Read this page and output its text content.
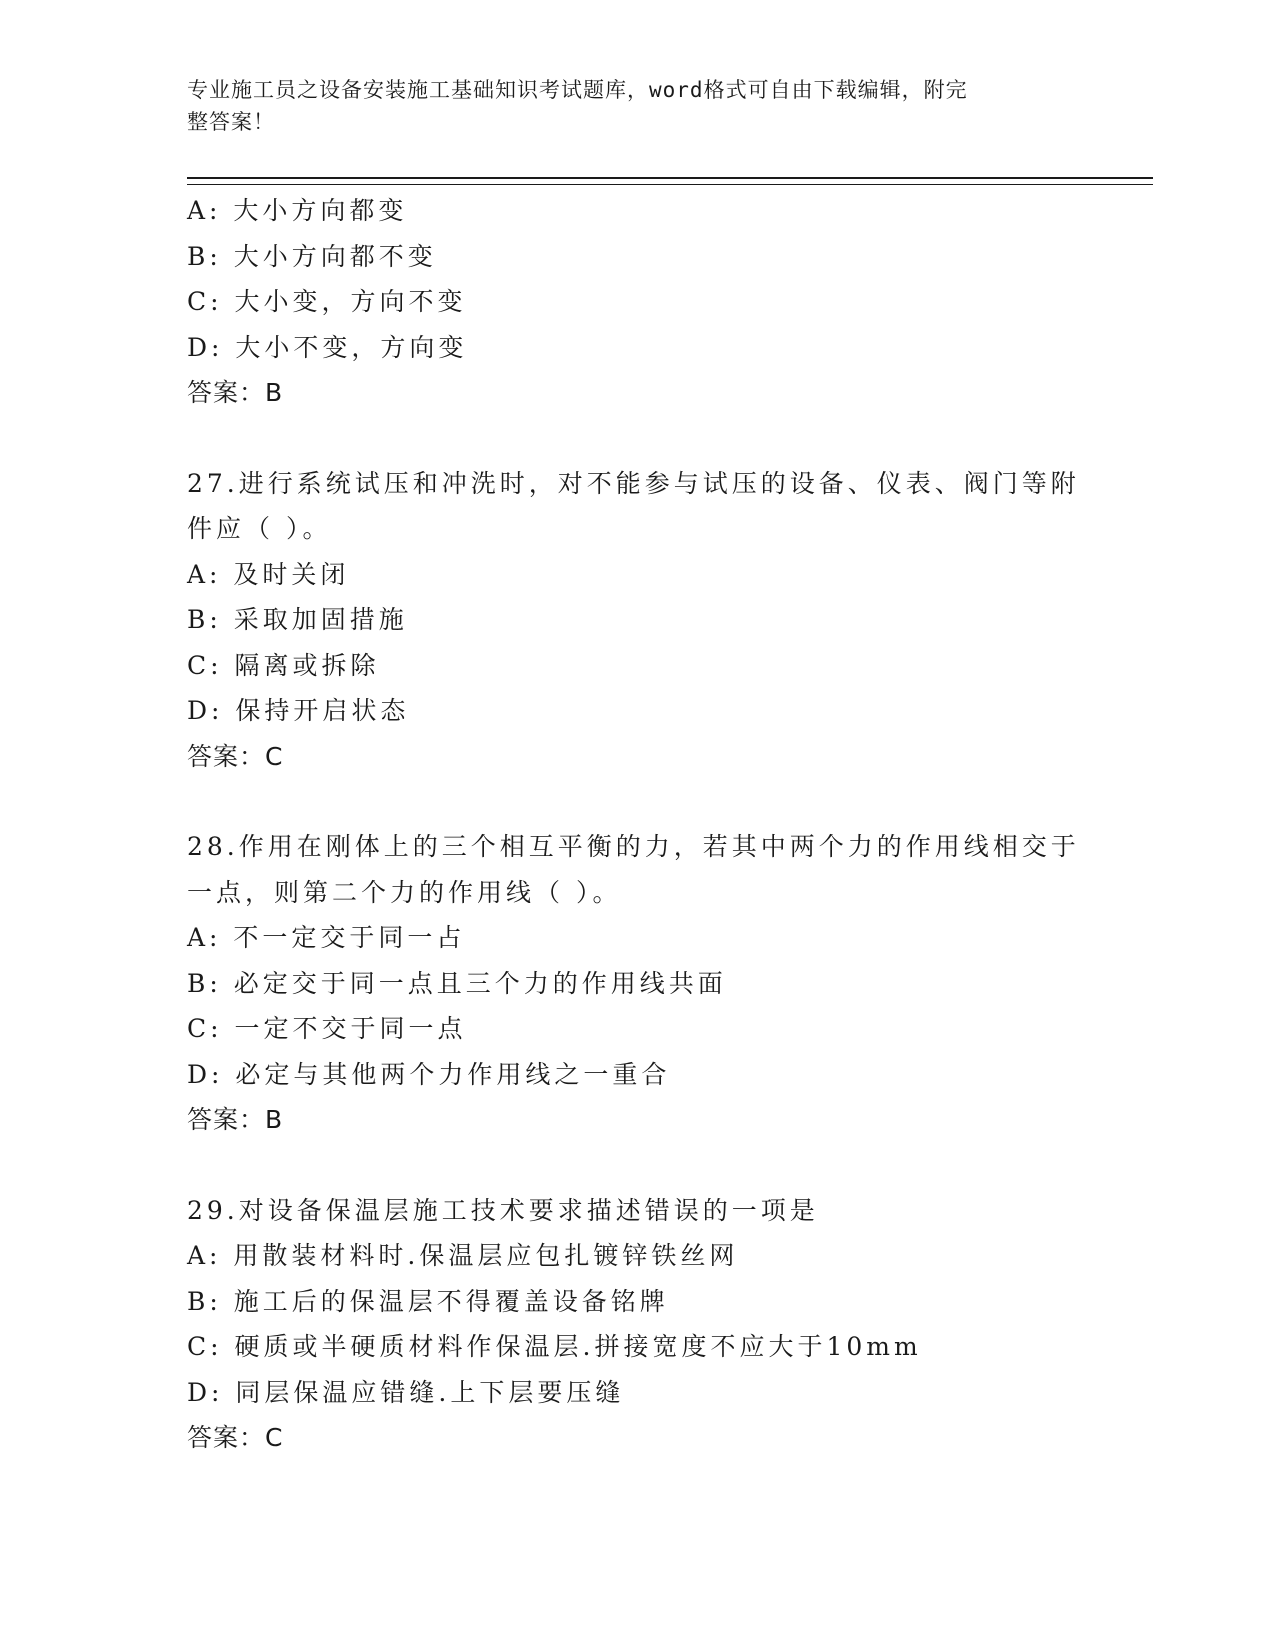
专业施工员之设备安装施工基础知识考试题库，word格式可自由下载编辑，附完
整答案！
A: 大小方向都变
B: 大小方向都不变
C: 大小变，方向不变
D: 大小不变，方向变
答案：B
27.进行系统试压和冲洗时，对不能参与试压的设备、仪表、阀门等附
件应（ ）。
A: 及时关闭
B: 采取加固措施
C: 隔离或拆除
D: 保持开启状态
答案：C
28.作用在刚体上的三个相互平衡的力，若其中两个力的作用线相交于
一点，则第二个力的作用线（ ）。
A: 不一定交于同一占
B: 必定交于同一点且三个力的作用线共面
C: 一定不交于同一点
D: 必定与其他两个力作用线之一重合
答案：B
29.对设备保温层施工技术要求描述错误的一项是
A: 用散装材料时.保温层应包扎镀锌铁丝网
B: 施工后的保温层不得覆盖设备铭牌
C: 硬质或半硬质材料作保温层.拼接宽度不应大于10mm
D: 同层保温应错缝.上下层要压缝
答案：C
